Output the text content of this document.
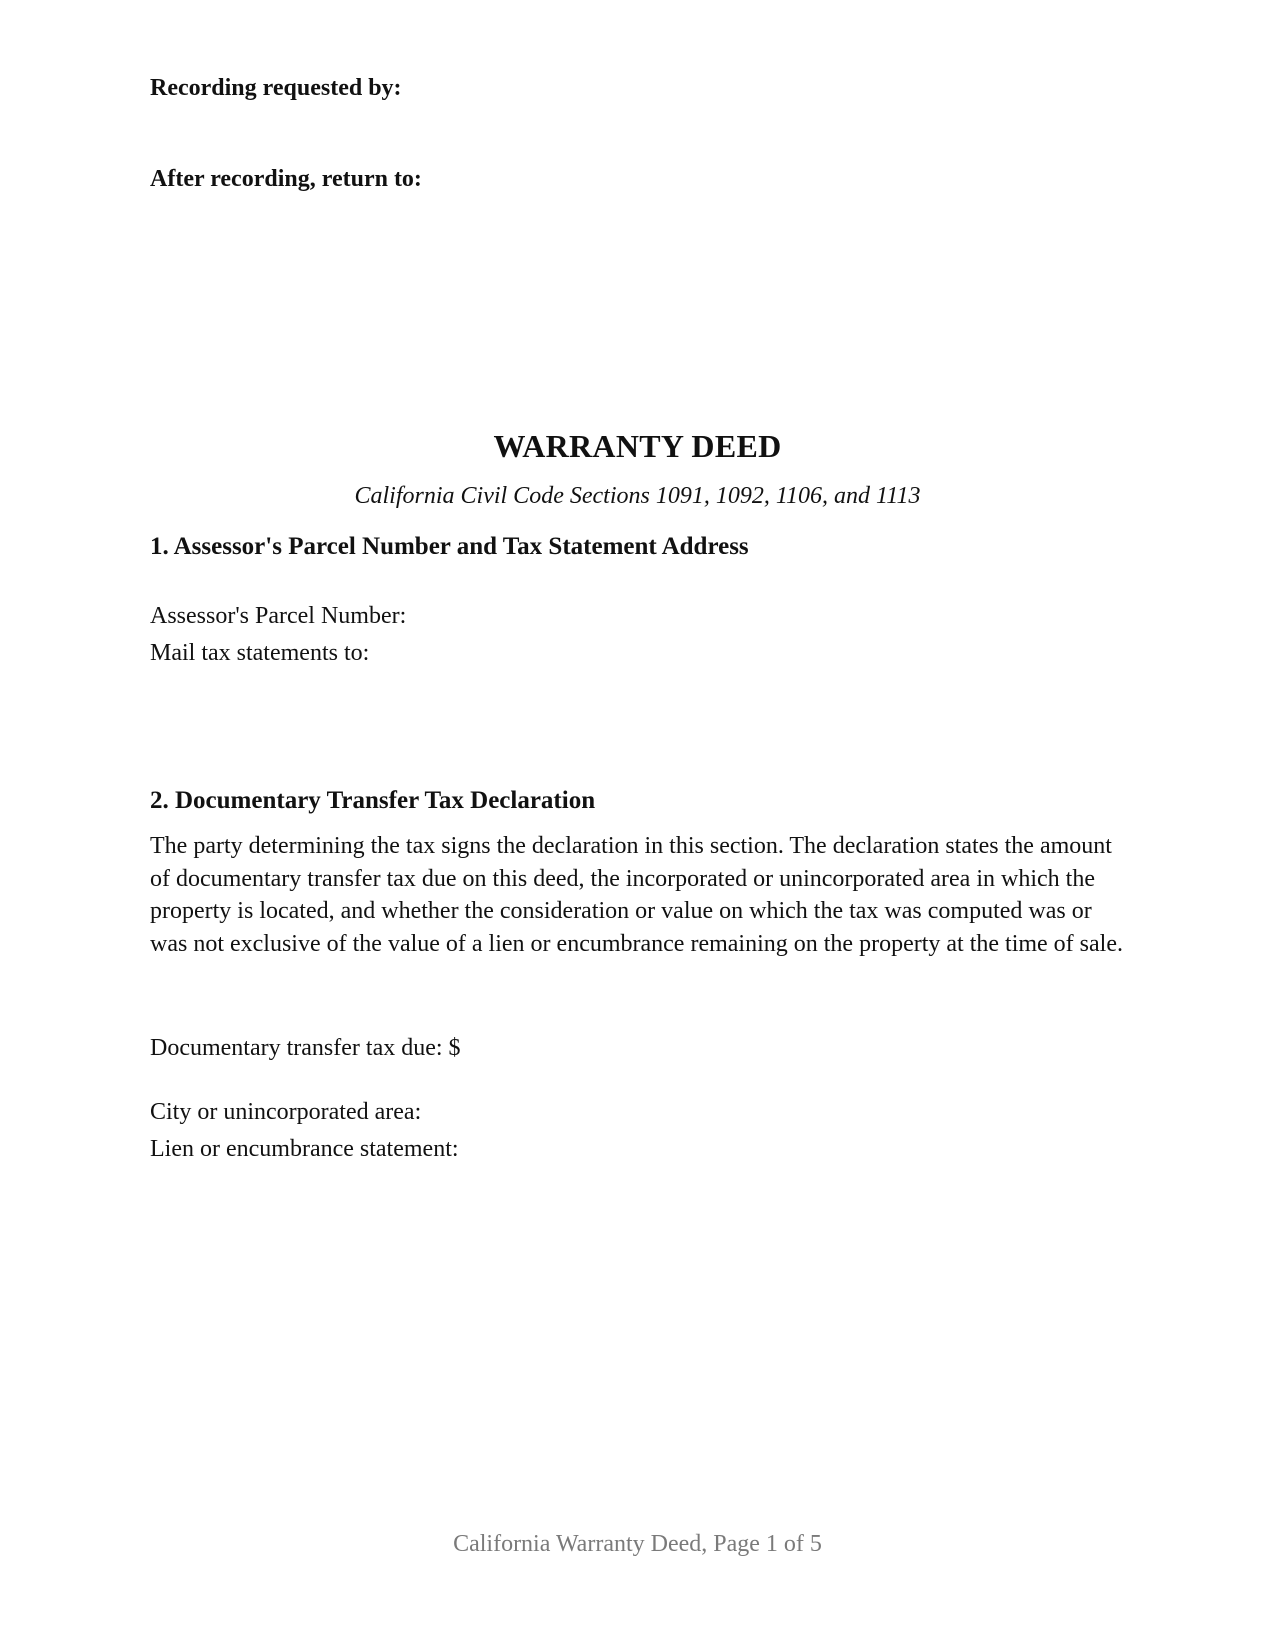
Recording requested by:
After recording, return to:
WARRANTY DEED
California Civil Code Sections 1091, 1092, 1106, and 1113
1. Assessor's Parcel Number and Tax Statement Address
Assessor's Parcel Number:
Mail tax statements to:
2. Documentary Transfer Tax Declaration
The party determining the tax signs the declaration in this section. The declaration states the amount of documentary transfer tax due on this deed, the incorporated or unincorporated area in which the property is located, and whether the consideration or value on which the tax was computed was or was not exclusive of the value of a lien or encumbrance remaining on the property at the time of sale.
Documentary transfer tax due: $
City or unincorporated area:
Lien or encumbrance statement:
California Warranty Deed, Page 1 of 5
